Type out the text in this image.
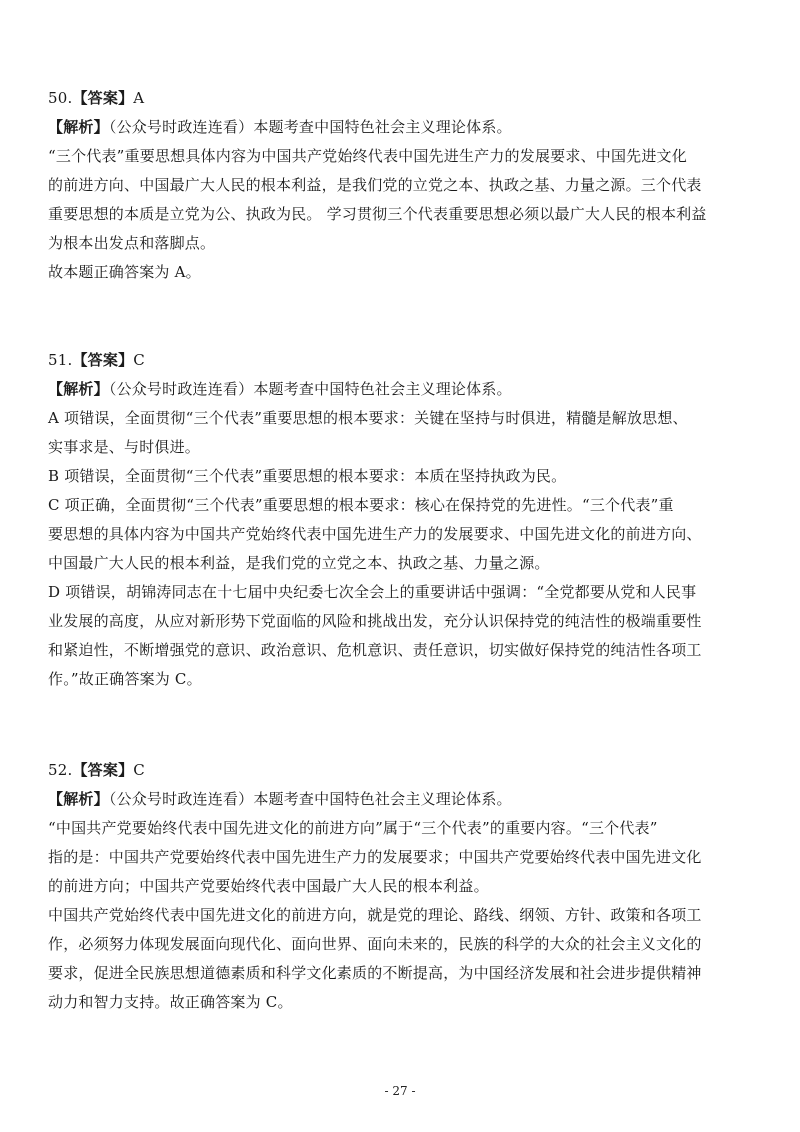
50.【答案】A
【解析】（公众号时政连连看）本题考查中国特色社会主义理论体系。
“三个代表”重要思想具体内容为中国共产党始终代表中国先进生产力的发展要求、中国先进文化
的前进方向、中国最广大人民的根本利益，是我们党的立党之本、执政之基、力量之源。三个代表
重要思想的本质是立党为公、执政为民。 学习贯彻三个代表重要思想必须以最广大人民的根本利益
为根本出发点和落脚点。
故本题正确答案为 A。
51.【答案】C
【解析】（公众号时政连连看）本题考查中国特色社会主义理论体系。
A 项错误，全面贯彻“三个代表”重要思想的根本要求：关键在坚持与时俱进，精髓是解放思想、
实事求是、与时俱进。
B 项错误，全面贯彻“三个代表”重要思想的根本要求：本质在坚持执政为民。
C 项正确，全面贯彻“三个代表”重要思想的根本要求：核心在保持党的先进性。“三个代表”重
要思想的具体内容为中国共产党始终代表中国先进生产力的发展要求、中国先进文化的前进方向、
中国最广大人民的根本利益，是我们党的立党之本、执政之基、力量之源。
D 项错误，胡锦涛同志在十七届中央纪委七次全会上的重要讲话中强调：“全党都要从党和人民事
业发展的高度，从应对新形势下党面临的风险和挑战出发，充分认识保持党的纯洁性的极端重要性
和紧迫性，不断增强党的意识、政治意识、危机意识、责任意识，切实做好保持党的纯洁性各项工
作。”故正确答案为 C。
52.【答案】C
【解析】（公众号时政连连看）本题考查中国特色社会主义理论体系。
“中国共产党要始终代表中国先进文化的前进方向”属于“三个代表”的重要内容。“三个代表”
指的是：中国共产党要始终代表中国先进生产力的发展要求；中国共产党要始终代表中国先进文化
的前进方向；中国共产党要始终代表中国最广大人民的根本利益。
中国共产党始终代表中国先进文化的前进方向，就是党的理论、路线、纲领、方针、政策和各项工
作，必须努力体现发展面向现代化、面向世界、面向未来的，民族的科学的大众的社会主义文化的
要求，促进全民族思想道德素质和科学文化素质的不断提高，为中国经济发展和社会进步提供精神
动力和智力支持。故正确答案为 C。
- 27 -
